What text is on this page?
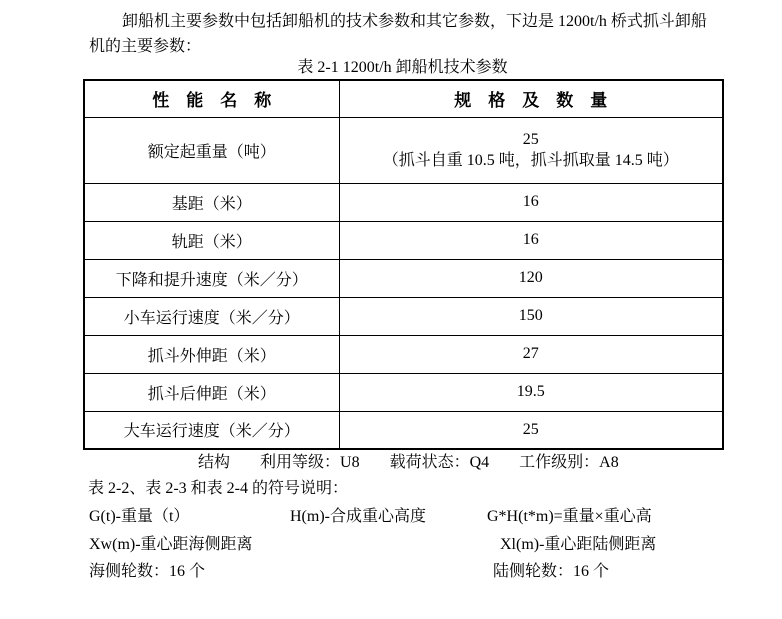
卸船机主要参数中包括卸船机的技术参数和其它参数，下边是 1200t/h 桥式抓斗卸船
机的主要参数：
表 2-1 1200t/h 卸船机技术参数
性　能　名　称	规　格　及　数　量
额定起重量（吨）	25
（抓斗自重 10.5 吨，抓斗抓取量 14.5 吨）

基距（米）	16
轨距（米）	16
下降和提升速度（米／分）	120
小车运行速度（米／分）	150
抓斗外伸距（米）	27
抓斗后伸距（米）	19.5
大车运行速度（米／分）	25
结构 利用等级：U8 载荷状态：Q4 工作级别：A8
表 2-2、表 2-3 和表 2-4 的符号说明：
G(t)-重量（t）	H(m)-合成重心高度	G*H(t*m)=重量×重心高
Xw(m)-重心距海侧距离	Xl(m)-重心距陆侧距离
海侧轮数：16 个	陆侧轮数：16 个
